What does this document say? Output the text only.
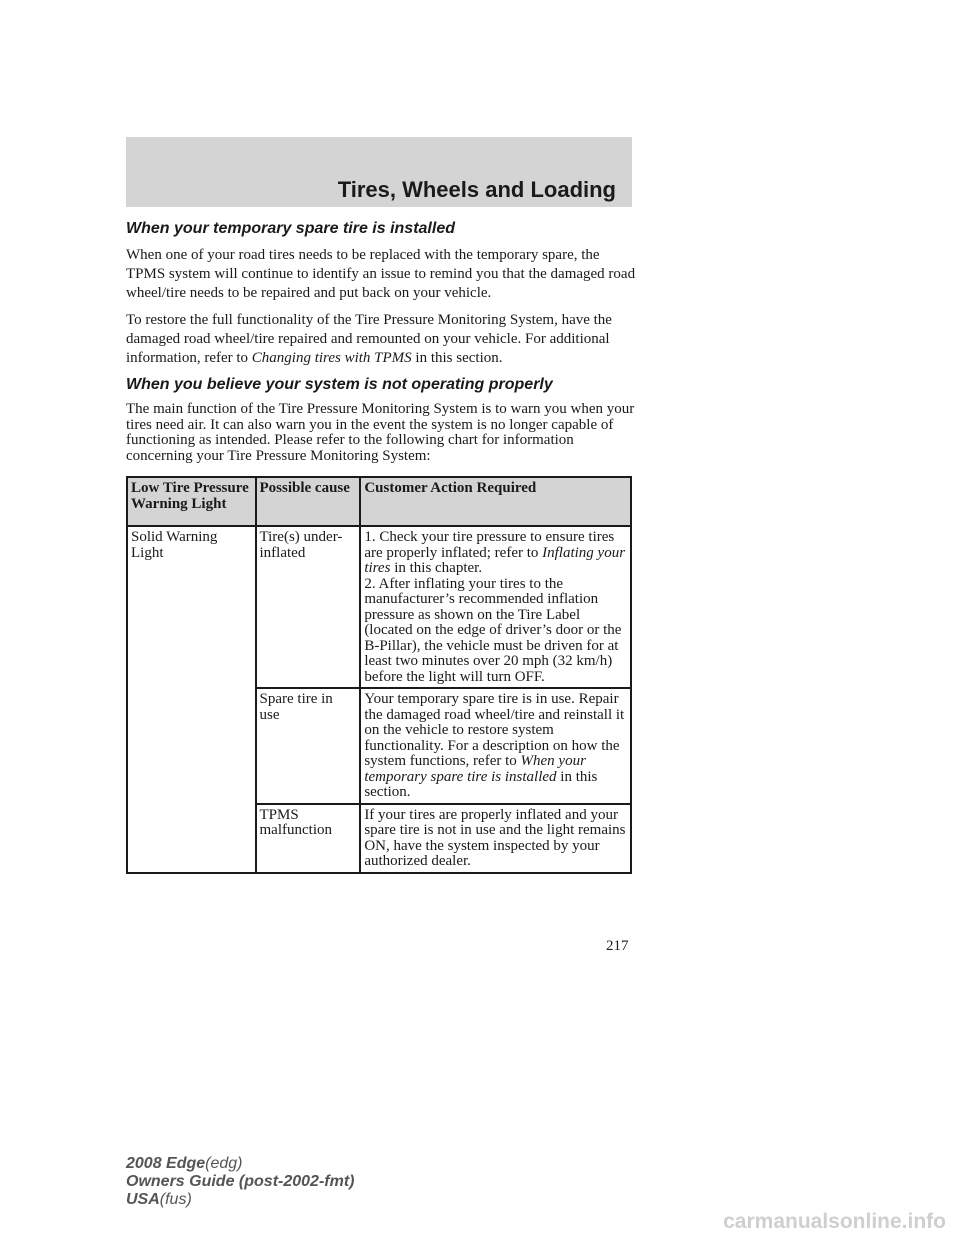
Tires, Wheels and Loading
When your temporary spare tire is installed

When one of your road tires needs to be replaced with the temporary spare, the TPMS system will continue to identify an issue to remind you that the damaged road wheel/tire needs to be repaired and put back on your vehicle.

To restore the full functionality of the Tire Pressure Monitoring System, have the damaged road wheel/tire repaired and remounted on your vehicle. For additional information, refer to Changing tires with TPMS in this section.

When you believe your system is not operating properly

The main function of the Tire Pressure Monitoring System is to warn you when your tires need air. It can also warn you in the event the system is no longer capable of functioning as intended. Please refer to the following chart for information concerning your Tire Pressure Monitoring System:

Low Tire Pressure Warning Light	Possible cause	Customer Action Required
Solid Warning Light	Tire(s) under-inflated	1. Check your tire pressure to ensure tires are properly inflated; refer to Inflating your tires in this chapter.
2. After inflating your tires to the manufacturer’s recommended inflation pressure as shown on the Tire Label (located on the edge of driver’s door or the B-Pillar), the vehicle must be driven for at least two minutes over 20 mph (32 km/h) before the light will turn OFF.

	Spare tire in use	Your temporary spare tire is in use. Repair the damaged road wheel/tire and reinstall it on the vehicle to restore system functionality. For a description on how the system functions, refer to When your temporary spare tire is installed in this section.
	TPMS malfunction	If your tires are properly inflated and your spare tire is not in use and the light remains ON, have the system inspected by your authorized dealer.
217
2008 Edge(edg)
Owners Guide (post-2002-fmt)
USA(fus)
carmanualsonline.info
